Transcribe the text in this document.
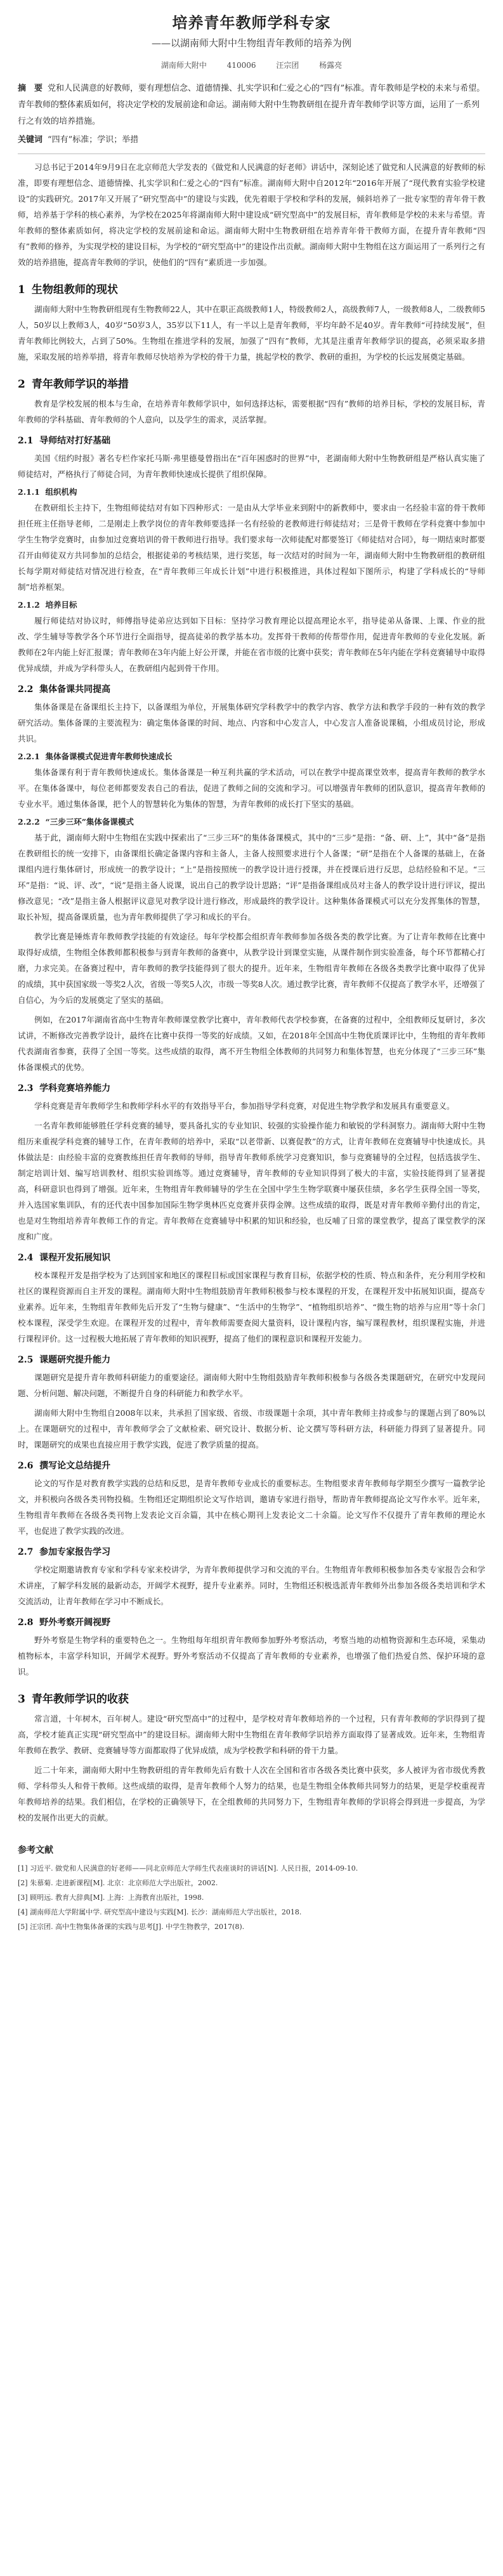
培养青年教师学科专家
——以湖南师大附中生物组青年教师的培养为例
湖南师大附中	410006	汪宗团	杨露亮
摘　要 党和人民满意的好教师，要有理想信念、道德情操、扎实学识和仁爱之心的“四有”标准。青年教师是学校的未来与希望。青年教师的整体素质如何，将决定学校的发展前途和命运。湖南师大附中生物教研组在提升青年教师学识等方面，运用了一系列行之有效的培养措施。
关键词 “四有”标准；学识；举措

习总书记于2014年9月9日在北京师范大学发表的《做党和人民满意的好老师》讲话中，深刻论述了做党和人民满意的好教师的标准，即要有理想信念、道德情操、扎实学识和仁爱之心的“四有”标准。湖南师大附中自2012年“2016年开展了“现代教育实验学校建设”的实践研究。2017年又开展了“研究型高中”的建设与实践，优先着眼于学校和学科的发展，倾斜培养了一批专家型的青年骨干教师，培养基于学科的核心素养，为学校在2025年将湖南师大附中建设成“研究型高中”的发展目标，青年教师是学校的未来与希望。青年教师的整体素质如何，将决定学校的发展前途和命运。湖南师大附中生物教研组在培养青年骨干教师方面，在提升青年教师“四有”教师的修养，为实现学校的建设目标，为学校的“研究型高中”的建设作出贡献。湖南师大附中生物组在这方面运用了一系列行之有效的培养措施，提高青年教师的学识，使他们的“四有”素质进一步加强。

1 生物组教师的现状

湖南师大附中生物教研组现有生物教师22人，其中在职正高级教师1人，特级教师2人，高级教师7人，一级教师8人，二级教师5人，50岁以上教师3人，40岁“50岁3人，35岁以下11人，有一半以上是青年教师，平均年龄不足40岁。青年教师“可持续发展”，但青年教师比例较大，占到了50%。生物组在推进学科的发展，加强了“四有”教师，尤其是注重青年教师学识的提高，必须采取多措施，采取发展的培养举措，将青年教师尽快培养为学校的骨干力量，挑起学校的教学、教研的重担，为学校的长远发展奠定基础。

2 青年教师学识的举措

教育是学校发展的根本与生命，在培养青年教师学识中，如何选择达标，需要根据“四有”教师的培养目标，学校的发展目标，青年教师的学科基础、青年教师的个人意向，以及学生的需求，灵活掌握。

2.1 导师结对打好基础

美国《纽约时报》著名专栏作家托马斯·弗里德曼曾指出在“百年困惑时的世界”中，老湖南师大附中生物教研组是严格认真实施了师徒结对，严格执行了师徒合同，为青年教师快速成长提供了组织保障。

2.1.1 组织机构

在教研组长主持下，生物组师徒结对有如下四种形式：一是由从大学毕业来到附中的新教师中，要求由一名经验丰富的骨干教师担任班主任指导老师，二是刚走上教学岗位的青年教师要选择一名有经验的老教师进行师徒结对；三是骨干教师在学科竞赛中参加中学生生物学竞赛时，由参加过竞赛培训的骨干教师进行指导。我们要求每一次师徒配对都要签订《师徒结对合同》，每一期结束时都要召开由师徒双方共同参加的总结会，根据徒弟的考核结果，进行奖惩，每一次结对的时间为一年，湖南师大附中生物教研组的教研组长每学期对师徒结对情况进行检查，在“青年教师三年成长计划”中进行积极推进，具体过程如下图所示，构建了学科成长的“导师制”培养框架。

2.1.2 培养目标

履行师徒结对协议时，师傅指导徒弟应达到如下目标：坚持学习教育理论以提高理论水平，指导徒弟从备课、上课、作业的批改、学生辅导等教学各个环节进行全面指导，提高徒弟的教学基本功。发挥骨干教师的传帮带作用，促进青年教师的专业化发展。新教师在2年内能上好汇报课；青年教师在3年内能上好公开课，并能在省市级的比赛中获奖；青年教师在5年内能在学科竞赛辅导中取得优异成绩，并成为学科带头人，在教研组内起到骨干作用。

2.2 集体备课共同提高

集体备课是在备课组长主持下，以备课组为单位，开展集体研究学科教学中的教学内容、教学方法和教学手段的一种有效的教学研究活动。集体备课的主要流程为：确定集体备课的时间、地点、内容和中心发言人，中心发言人准备说课稿，小组成员讨论，形成共识。

2.2.1 集体备课模式促进青年教师快速成长

集体备课有利于青年教师快速成长。集体备课是一种互利共赢的学术活动，可以在教学中提高课堂效率，提高青年教师的教学水平。在集体备课中，每位老师都要发表自己的看法，促进了教师之间的交流和学习。可以增强青年教师的团队意识，提高青年教师的专业水平。通过集体备课，把个人的智慧转化为集体的智慧，为青年教师的成长打下坚实的基础。

2.2.2 “三步三环”集体备课模式

基于此，湖南师大附中生物组在实践中探索出了“三步三环”的集体备课模式，其中的“三步”是指：“备、研、上”，其中“备”是指在教研组长的统一安排下，由备课组长确定备课内容和主备人，主备人按照要求进行个人备课；“研”是指在个人备课的基础上，在备课组内进行集体研讨，形成统一的教学设计；“上”是指按照统一的教学设计进行授课，并在授课后进行反思，总结经验和不足。“三环”是指：“说、评、改”，“说”是指主备人说课，说出自己的教学设计思路；“评”是指备课组成员对主备人的教学设计进行评议，提出修改意见；“改”是指主备人根据评议意见对教学设计进行修改，形成最终的教学设计。这种集体备课模式可以充分发挥集体的智慧，取长补短，提高备课质量，也为青年教师提供了学习和成长的平台。

教学比赛是锤炼青年教师教学技能的有效途径。每年学校都会组织青年教师参加各级各类的教学比赛。为了让青年教师在比赛中取得好成绩，生物组全体教师都积极参与到青年教师的备赛中，从教学设计到课堂实施，从课件制作到实验准备，每个环节都精心打磨，力求完美。在备赛过程中，青年教师的教学技能得到了很大的提升。近年来，生物组青年教师在各级各类教学比赛中取得了优异的成绩，其中获国家级一等奖2人次，省级一等奖5人次，市级一等奖8人次。通过教学比赛，青年教师不仅提高了教学水平，还增强了自信心，为今后的发展奠定了坚实的基础。

例如，在2017年湖南省高中生物青年教师课堂教学比赛中，青年教师代表学校参赛，在备赛的过程中，全组教师反复研讨，多次试讲，不断修改完善教学设计，最终在比赛中获得一等奖的好成绩。又如，在2018年全国高中生物优质课评比中，生物组的青年教师代表湖南省参赛，获得了全国一等奖。这些成绩的取得，离不开生物组全体教师的共同努力和集体智慧，也充分体现了“三步三环”集体备课模式的优势。

2.3 学科竞赛培养能力

学科竞赛是青年教师学生和教师学科水平的有效指导平台，参加指导学科竞赛，对促进生物学教学和发展具有重要意义。

一名青年教师能够胜任学科竞赛的辅导，要具备扎实的专业知识、较强的实验操作能力和敏锐的学科洞察力。湖南师大附中生物组历来重视学科竞赛的辅导工作，在青年教师的培养中，采取“以老带新、以赛促教”的方式，让青年教师在竞赛辅导中快速成长。具体做法是：由经验丰富的竞赛教练担任青年教师的导师，指导青年教师系统学习竞赛知识，参与竞赛辅导的全过程，包括选拔学生、制定培训计划、编写培训教材、组织实验训练等。通过竞赛辅导，青年教师的专业知识得到了极大的丰富，实验技能得到了显著提高，科研意识也得到了增强。近年来，生物组青年教师辅导的学生在全国中学生生物学联赛中屡获佳绩，多名学生获得全国一等奖，并入选国家集训队，有的还代表中国参加国际生物学奥林匹克竞赛并获得金牌。这些成绩的取得，既是对青年教师辛勤付出的肯定，也是对生物组培养青年教师工作的肯定。青年教师在竞赛辅导中积累的知识和经验，也反哺了日常的课堂教学，提高了课堂教学的深度和广度。

2.4 课程开发拓展知识

校本课程开发是指学校为了达到国家和地区的课程目标或国家课程与教育目标，依据学校的性质、特点和条件，充分利用学校和社区的课程资源而自主开发的课程。湖南师大附中生物组鼓励青年教师积极参与校本课程的开发，在课程开发中拓展知识面，提高专业素养。近年来，生物组青年教师先后开发了“生物与健康”、“生活中的生物学”、“植物组织培养”、“微生物的培养与应用”等十余门校本课程，深受学生欢迎。在课程开发的过程中，青年教师需要查阅大量资料，设计课程内容，编写课程教材，组织课程实施，并进行课程评价。这一过程极大地拓展了青年教师的知识视野，提高了他们的课程意识和课程开发能力。

2.5 课题研究提升能力

课题研究是提升青年教师科研能力的重要途径。湖南师大附中生物组鼓励青年教师积极参与各级各类课题研究，在研究中发现问题、分析问题、解决问题，不断提升自身的科研能力和教学水平。

湖南师大附中生物组自2008年以来，共承担了国家级、省级、市级课题十余项，其中青年教师主持或参与的课题占到了80%以上。在课题研究的过程中，青年教师学会了文献检索、研究设计、数据分析、论文撰写等科研方法，科研能力得到了显著提升。同时，课题研究的成果也直接应用于教学实践，促进了教学质量的提高。

2.6 撰写论文总结提升

论文的写作是对教育教学实践的总结和反思，是青年教师专业成长的重要标志。生物组要求青年教师每学期至少撰写一篇教学论文，并积极向各级各类刊物投稿。生物组还定期组织论文写作培训，邀请专家进行指导，帮助青年教师提高论文写作水平。近年来，生物组青年教师在各级各类刊物上发表论文百余篇，其中在核心期刊上发表论文二十余篇。论文写作不仅提升了青年教师的理论水平，也促进了教学实践的改进。

2.7 参加专家报告学习

学校定期邀请教育专家和学科专家来校讲学，为青年教师提供学习和交流的平台。生物组青年教师积极参加各类专家报告会和学术讲座，了解学科发展的最新动态，开阔学术视野，提升专业素养。同时，生物组还积极选派青年教师外出参加各级各类培训和学术交流活动，让青年教师在学习中不断成长。

2.8 野外考察开阔视野

野外考察是生物学科的重要特色之一。生物组每年组织青年教师参加野外考察活动，考察当地的动植物资源和生态环境，采集动植物标本，丰富学科知识，开阔学术视野。野外考察活动不仅提高了青年教师的专业素养，也增强了他们热爱自然、保护环境的意识。

3 青年教师学识的收获

常言道，十年树木，百年树人。建设“研究型高中”的过程中，是学校对青年教师培养的一个过程，只有青年教师的学识得到了提高，学校才能真正实现“研究型高中”的建设目标。湖南师大附中生物组在青年教师学识培养方面取得了显著成效。近年来，生物组青年教师在教学、教研、竞赛辅导等方面都取得了优异成绩，成为学校教学和科研的骨干力量。

近二十年来，湖南师大附中生物教研组的青年教师先后有数十人次在全国和省市各级各类比赛中获奖，多人被评为省市级优秀教师、学科带头人和骨干教师。这些成绩的取得，是青年教师个人努力的结果，也是生物组全体教师共同努力的结果，更是学校重视青年教师培养的结果。我们相信，在学校的正确领导下，在全组教师的共同努力下，生物组青年教师的学识将会得到进一步提高，为学校的发展作出更大的贡献。

参考文献
[1] 习近平. 做党和人民满意的好老师——同北京师范大学师生代表座谈时的讲话[N]. 人民日报，2014-09-10.
[2] 朱慕菊. 走进新课程[M]. 北京：北京师范大学出版社，2002.
[3] 顾明远. 教育大辞典[M]. 上海：上海教育出版社，1998.
[4] 湖南师范大学附属中学. 研究型高中建设与实践[M]. 长沙：湖南师范大学出版社，2018.
[5] 汪宗团. 高中生物集体备课的实践与思考[J]. 中学生物教学，2017(8).
